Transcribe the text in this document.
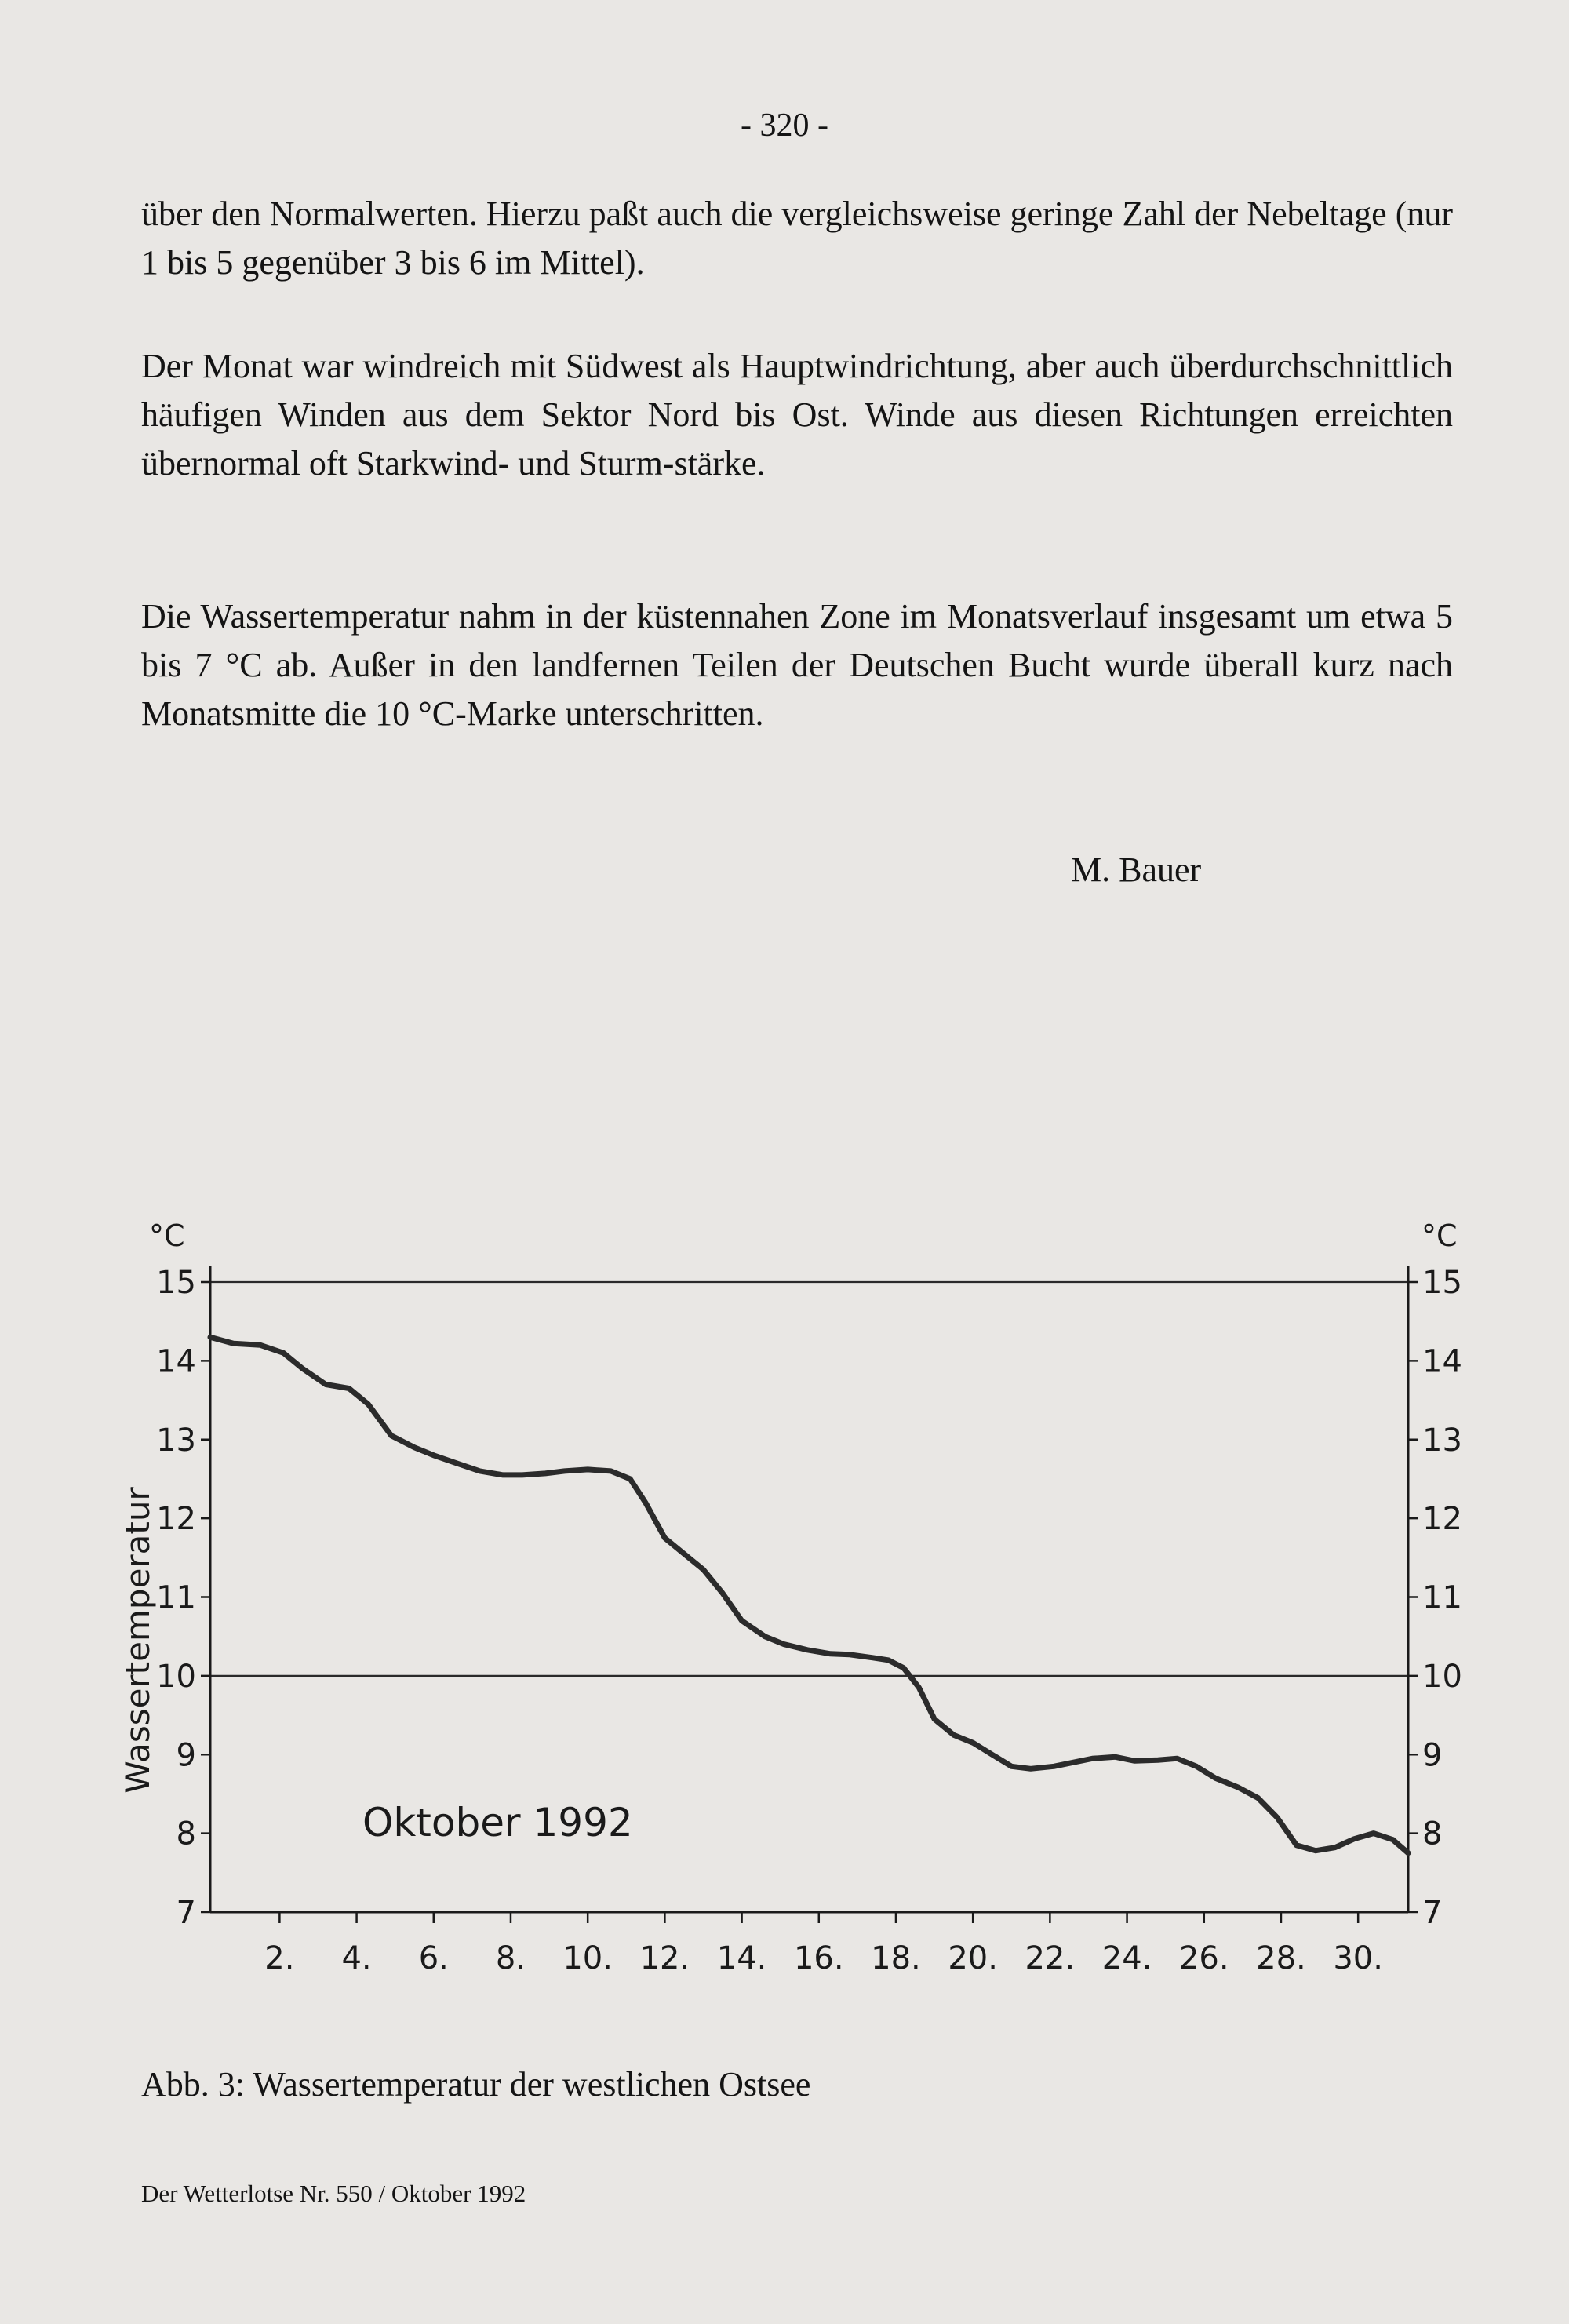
- 320 -
über den Normalwerten. Hierzu paßt auch die vergleichsweise geringe Zahl der Nebeltage (nur 1 bis 5 gegenüber 3 bis 6 im Mittel).
Der Monat war windreich mit Südwest als Hauptwindrichtung, aber auch überdurchschnittlich häufigen Winden aus dem Sektor Nord bis Ost. Winde aus diesen Richtungen erreichten übernormal oft Starkwind- und Sturm-stärke.
Die Wassertemperatur nahm in der küstennahen Zone im Monatsverlauf insgesamt um etwa 5 bis 7 °C ab. Außer in den landfernen Teilen der Deutschen Bucht wurde überall kurz nach Monatsmitte die 10 °C-Marke unterschritten.
M. Bauer
7	7
8	8
9	9
10	10
11	11
12	12
13	13
14	14
15	15
2. 4. 6. 8. 10. 12. 14. 16. 18. 20. 22. 24. 26. 28. 30.
°C	°C
Wassertemperatur
Oktober 1992
Abb. 3: Wassertemperatur der westlichen Ostsee
Der Wetterlotse Nr. 550 / Oktober 1992
